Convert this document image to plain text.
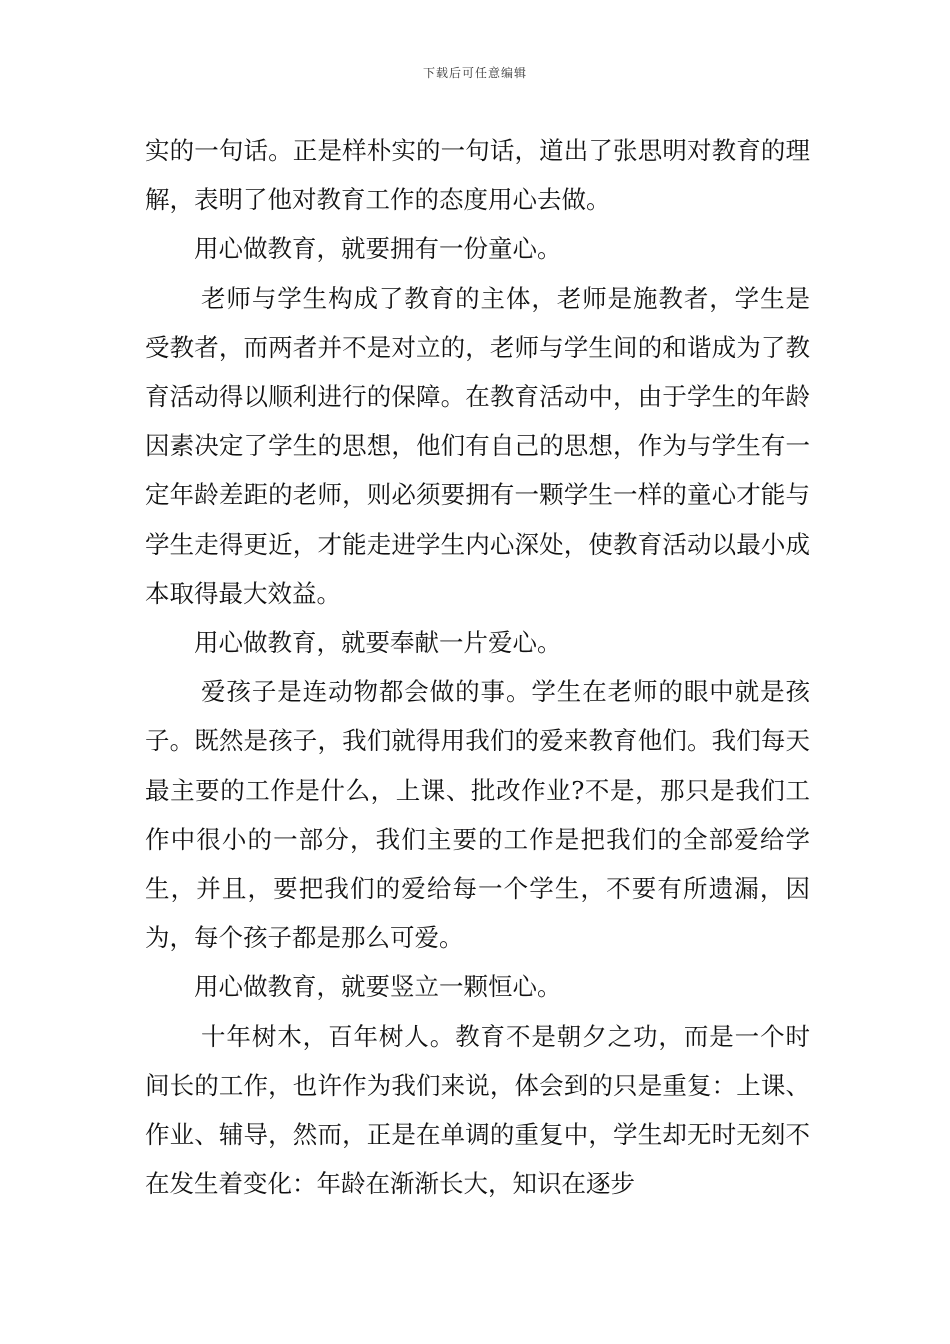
下载后可任意编辑

实的一句话。正是样朴实的一句话，道出了张思明对教育的理解，表明了他对教育工作的态度用心去做。

用心做教育，就要拥有一份童心。

老师与学生构成了教育的主体，老师是施教者，学生是受教者，而两者并不是对立的，老师与学生间的和谐成为了教育活动得以顺利进行的保障。在教育活动中，由于学生的年龄因素决定了学生的思想，他们有自己的思想，作为与学生有一定年龄差距的老师，则必须要拥有一颗学生一样的童心才能与学生走得更近，才能走进学生内心深处，使教育活动以最小成本取得最大效益。

用心做教育，就要奉献一片爱心。

爱孩子是连动物都会做的事。学生在老师的眼中就是孩子。既然是孩子，我们就得用我们的爱来教育他们。我们每天最主要的工作是什么，上课、批改作业?不是，那只是我们工作中很小的一部分，我们主要的工作是把我们的全部爱给学生，并且，要把我们的爱给每一个学生，不要有所遗漏，因为，每个孩子都是那么可爱。

用心做教育，就要竖立一颗恒心。

十年树木，百年树人。教育不是朝夕之功，而是一个时间长的工作，也许作为我们来说，体会到的只是重复：上课、作业、辅导，然而，正是在单调的重复中，学生却无时无刻不在发生着变化：年龄在渐渐长大，知识在逐步
